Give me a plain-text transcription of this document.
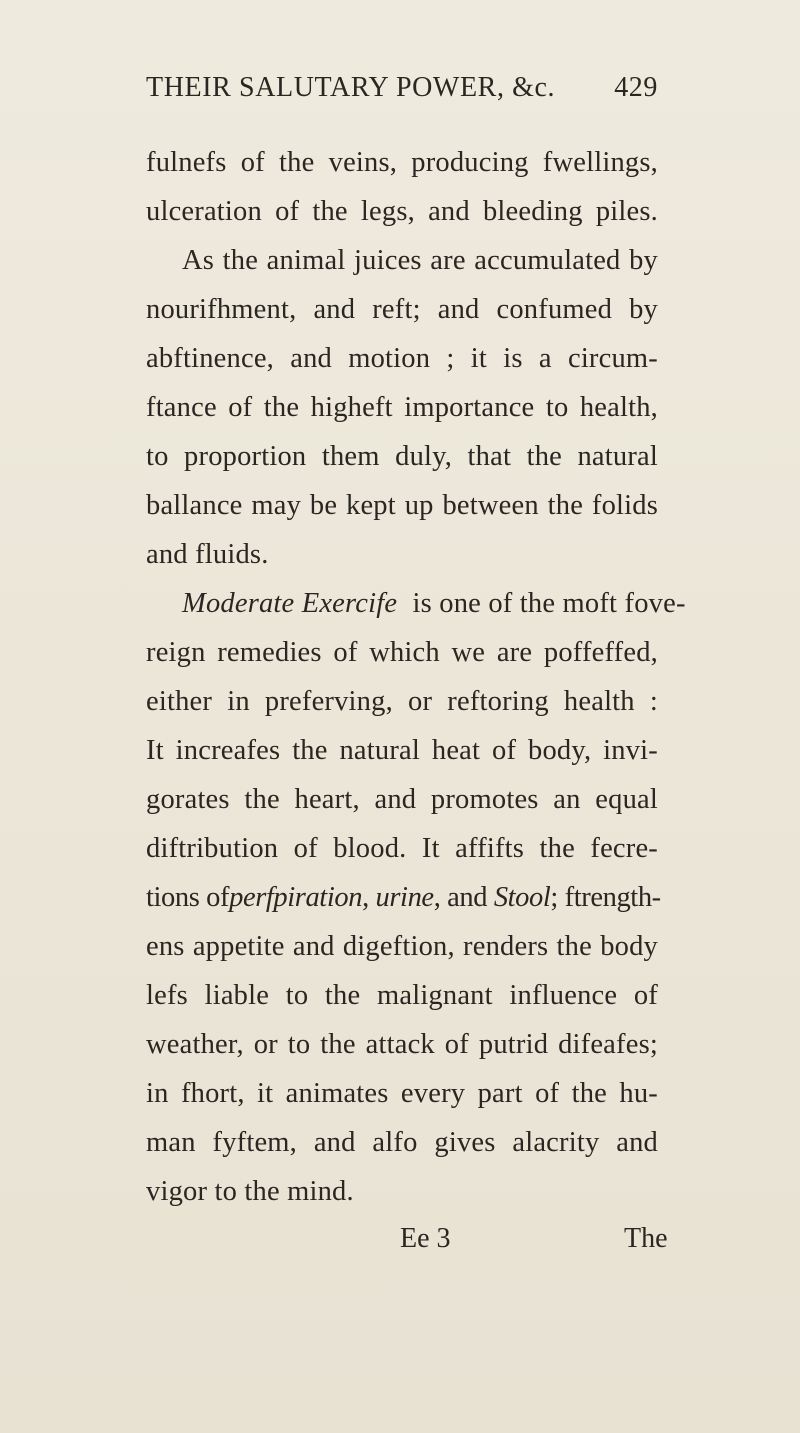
THEIR SALUTARY POWER, &c. 429
fulnefs of the veins, producing fwellings,
ulceration of the legs, and bleeding piles.
As the animal juices are accumulated by
nourifhment, and reft; and confumed by
abftinence, and motion ; it is a circum-
ftance of the higheft importance to health,
to proportion them duly, that the natural
ballance may be kept up between the folids
and fluids.
Moderate Exercife is one of the moft fove-
reign remedies of which we are poffeffed,
either in preferving, or reftoring health :
It increafes the natural heat of body, invi-
gorates the heart, and promotes an equal
diftribution of blood. It affifts the fecre-
tions ofperfpiration, urine, and Stool; ftrength-
ens appetite and digeftion, renders the body
lefs liable to the malignant influence of
weather, or to the attack of putrid difeafes;
in fhort, it animates every part of the hu-
man fyftem, and alfo gives alacrity and
vigor to the mind.
Ee 3	The
